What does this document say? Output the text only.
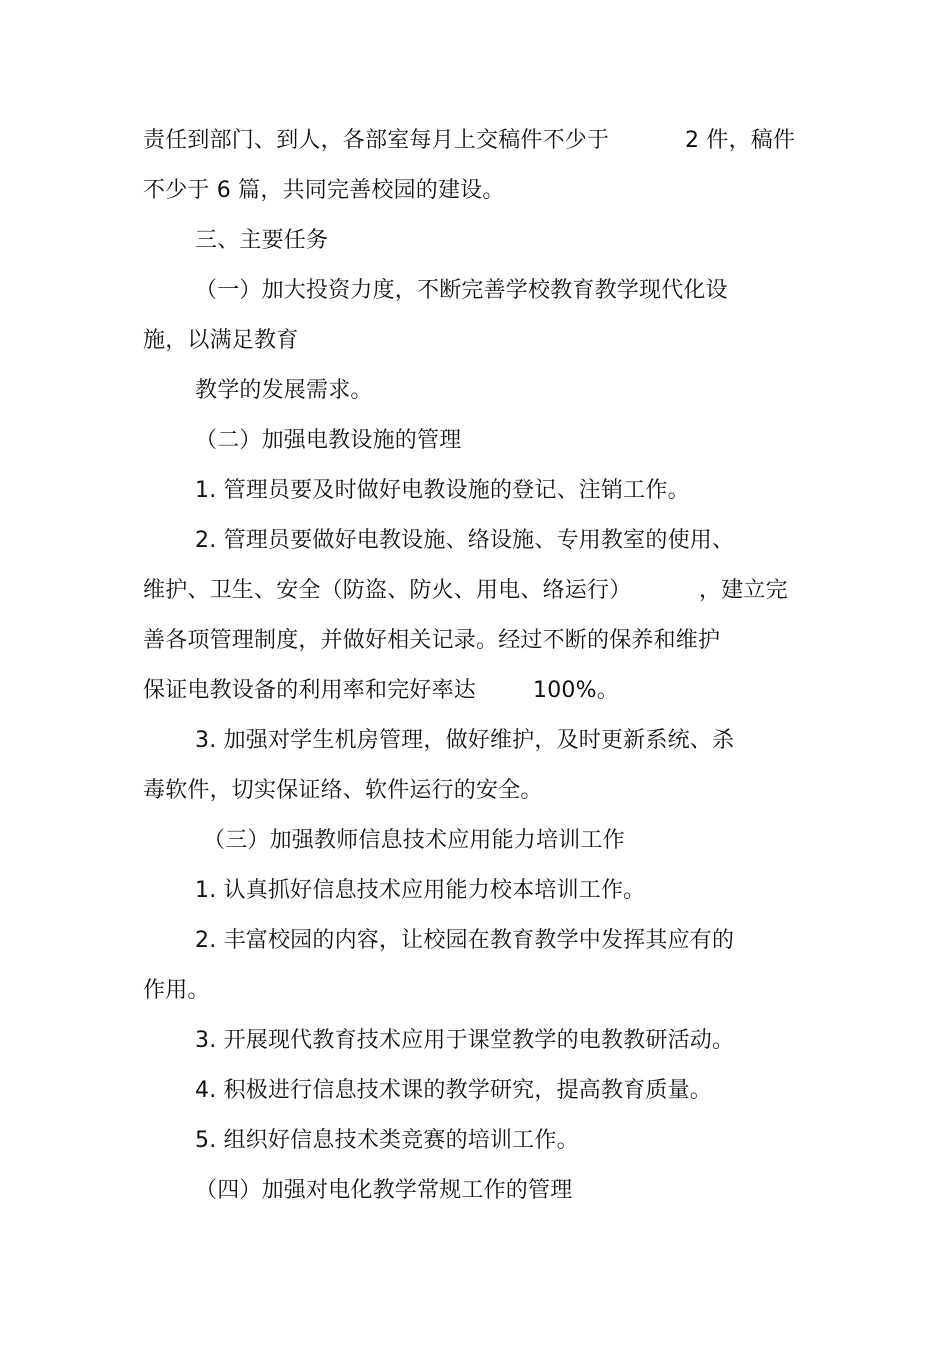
责任到部门、到人，各部室每月上交稿件不少于	2 件，稿件
不少于 6 篇，共同完善校园的建设。
三、主要任务
（一）加大投资力度，不断完善学校教育教学现代化设
施，以满足教育
教学的发展需求。
（二）加强电教设施的管理
1. 管理员要及时做好电教设施的登记、注销工作。
2. 管理员要做好电教设施、络设施、专用教室的使用、
维护、卫生、安全（防盗、防火、用电、络运行）	，建立完
善各项管理制度，并做好相关记录。经过不断的保养和维护
保证电教设备的利用率和完好率达	100%。
3. 加强对学生机房管理，做好维护，及时更新系统、杀
毒软件，切实保证络、软件运行的安全。
（三）加强教师信息技术应用能力培训工作
1. 认真抓好信息技术应用能力校本培训工作。
2. 丰富校园的内容，让校园在教育教学中发挥其应有的
作用。
3. 开展现代教育技术应用于课堂教学的电教教研活动。
4. 积极进行信息技术课的教学研究，提高教育质量。
5. 组织好信息技术类竞赛的培训工作。
（四）加强对电化教学常规工作的管理
